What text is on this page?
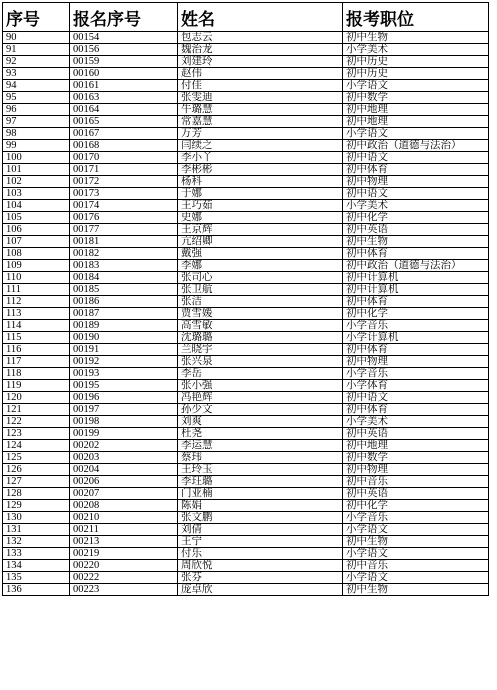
序号	报名序号	姓名	报考职位
90	00154	包志云	初中生物
91	00156	魏治龙	小学美术
92	00159	刘建玲	初中历史
93	00160	赵伟	初中历史
94	00161	付佳	小学语文
95	00163	张雯迪	初中数学
96	00164	牛璐慧	初中地理
97	00165	常嘉慧	初中地理
98	00167	万芳	小学语文
99	00168	闫续之	初中政治（道德与法治）
100	00170	李小丫	初中语文
101	00171	李彬彬	初中体育
102	00172	杨科	初中物理
103	00173	于娜	初中语文
104	00174	王巧茹	小学美术
105	00176	史娜	初中化学
106	00177	王京辉	初中英语
107	00181	亢绍卿	初中生物
108	00182	戴强	初中体育
109	00183	李娜	初中政治（道德与法治）
110	00184	张司心	初中计算机
111	00185	张卫航	初中计算机
112	00186	张洁	初中体育
113	00187	贾雪媛	初中化学
114	00189	高雪敏	小学音乐
115	00190	沈璐璐	小学计算机
116	00191	兰晓宇	初中体育
117	00192	张兴泉	初中物理
118	00193	李岳	小学音乐
119	00195	张小强	小学体育
120	00196	冯艳辉	初中语文
121	00197	孙少文	初中体育
122	00198	刘爽	小学美术
123	00199	杜尧	初中英语
124	00202	李运慧	初中地理
125	00203	蔡玮	初中数学
126	00204	王玲玉	初中物理
127	00206	李玨璐	初中音乐
128	00207	门亚楠	初中英语
129	00208	陈娟	初中化学
130	00210	张文鹏	小学音乐
131	00211	刘倩	小学语文
132	00213	王宁	初中生物
133	00219	付乐	小学语文
134	00220	周欣悦	初中音乐
135	00222	张芬	小学语文
136	00223	庞卓欣	初中生物
